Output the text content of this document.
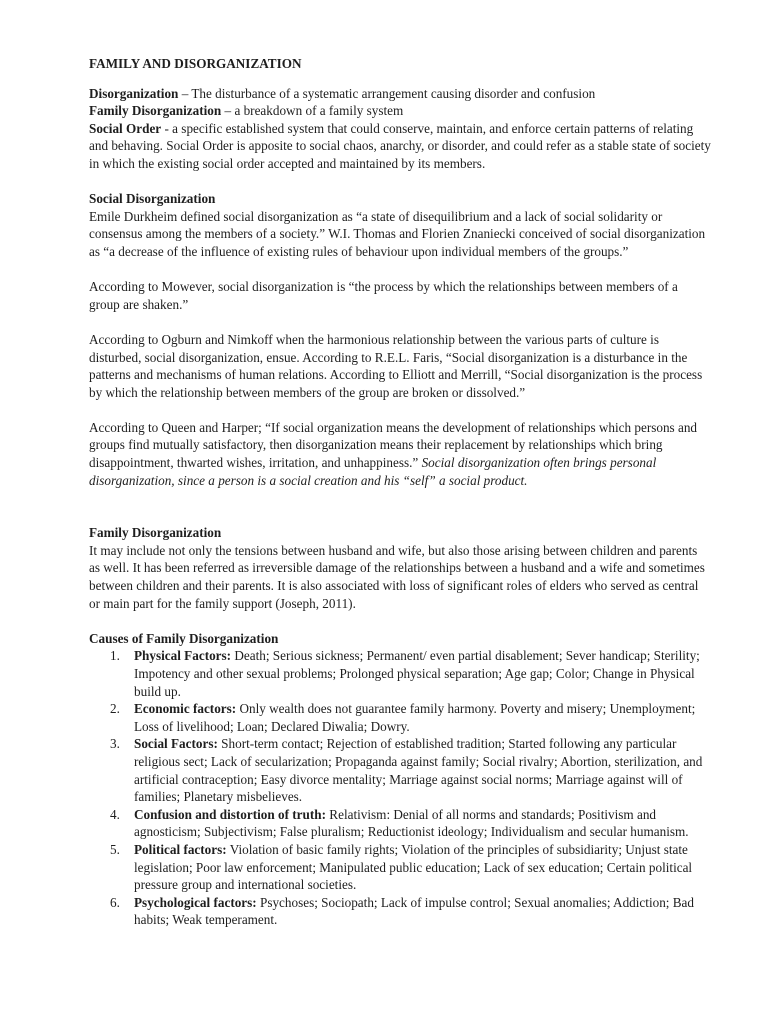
FAMILY AND DISORGANIZATION

Disorganization – The disturbance of a systematic arrangement causing disorder and confusion

Family Disorganization – a breakdown of a family system

Social Order - a specific established system that could conserve, maintain, and enforce certain patterns of relating and behaving. Social Order is apposite to social chaos, anarchy, or disorder, and could refer as a stable state of society in which the existing social order accepted and maintained by its members.

Social Disorganization

Emile Durkheim defined social disorganization as “a state of disequilibrium and a lack of social solidarity or consensus among the members of a society.” W.I. Thomas and Florien Znaniecki conceived of social disorganization as “a decrease of the influence of existing rules of behaviour upon individual members of the groups.”

According to Mowever, social disorganization is “the process by which the relationships between members of a group are shaken.”

According to Ogburn and Nimkoff when the harmonious relationship between the various parts of culture is disturbed, social disorganization, ensue. According to R.E.L. Faris, “Social disorganization is a disturbance in the patterns and mechanisms of human relations. According to Elliott and Merrill, “Social disorganization is the process by which the relationship between members of the group are broken or dissolved.”

According to Queen and Harper; “If social organization means the development of relationships which persons and groups find mutually satisfactory, then disorganization means their replacement by relationships which bring disappointment, thwarted wishes, irritation, and unhappiness.” Social disorganization often brings personal disorganization, since a person is a social creation and his “self” a social product.

Family Disorganization

It may include not only the tensions between husband and wife, but also those arising between children and parents as well. It has been referred as irreversible damage of the relationships between a husband and a wife and sometimes between children and their parents. It is also associated with loss of significant roles of elders who served as central or main part for the family support (Joseph, 2011).

Causes of Family Disorganization

1. Physical Factors: Death; Serious sickness; Permanent/ even partial disablement; Sever handicap; Sterility; Impotency and other sexual problems; Prolonged physical separation; Age gap; Color; Change in Physical build up.
2. Economic factors: Only wealth does not guarantee family harmony. Poverty and misery; Unemployment; Loss of livelihood; Loan; Declared Diwalia; Dowry.
3. Social Factors: Short-term contact; Rejection of established tradition; Started following any particular religious sect; Lack of secularization; Propaganda against family; Social rivalry; Abortion, sterilization, and artificial contraception; Easy divorce mentality; Marriage against social norms; Marriage against will of families; Planetary misbelieves.
4. Confusion and distortion of truth: Relativism: Denial of all norms and standards; Positivism and agnosticism; Subjectivism; False pluralism; Reductionist ideology; Individualism and secular humanism.
5. Political factors: Violation of basic family rights; Violation of the principles of subsidiarity; Unjust state legislation; Poor law enforcement; Manipulated public education; Lack of sex education; Certain political pressure group and international societies.
6. Psychological factors: Psychoses; Sociopath; Lack of impulse control; Sexual anomalies; Addiction; Bad habits; Weak temperament.
